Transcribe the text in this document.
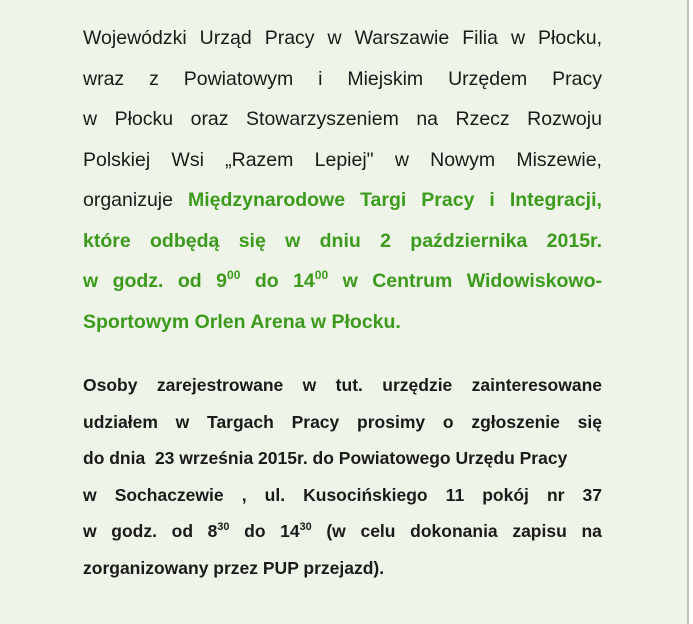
Wojewódzki Urząd Pracy w Warszawie Filia w Płocku,
wraz z Powiatowym i Miejskim Urzędem Pracy
w Płocku oraz Stowarzyszeniem na Rzecz Rozwoju
Polskiej Wsi „Razem Lepiej" w Nowym Miszewie,
organizuje Międzynarodowe Targi Pracy i Integracji,
które odbędą się w dniu 2 października 2015r.
w godz. od $9^{00}$ do $14^{00}$ w Centrum Widowiskowo-
Sportowym Orlen Arena w Płocku.
Osoby zarejestrowane w tut. urzędzie zainteresowane
udziałem w Targach Pracy prosimy o zgłoszenie się
do dnia  23 września 2015r. do Powiatowego Urzędu Pracy
w Sochaczewie , ul. Kusocińskiego 11 pokój nr 37
w godz. od $8^{30}$ do $14^{30}$ (w celu dokonania zapisu na
zorganizowany przez PUP przejazd).
